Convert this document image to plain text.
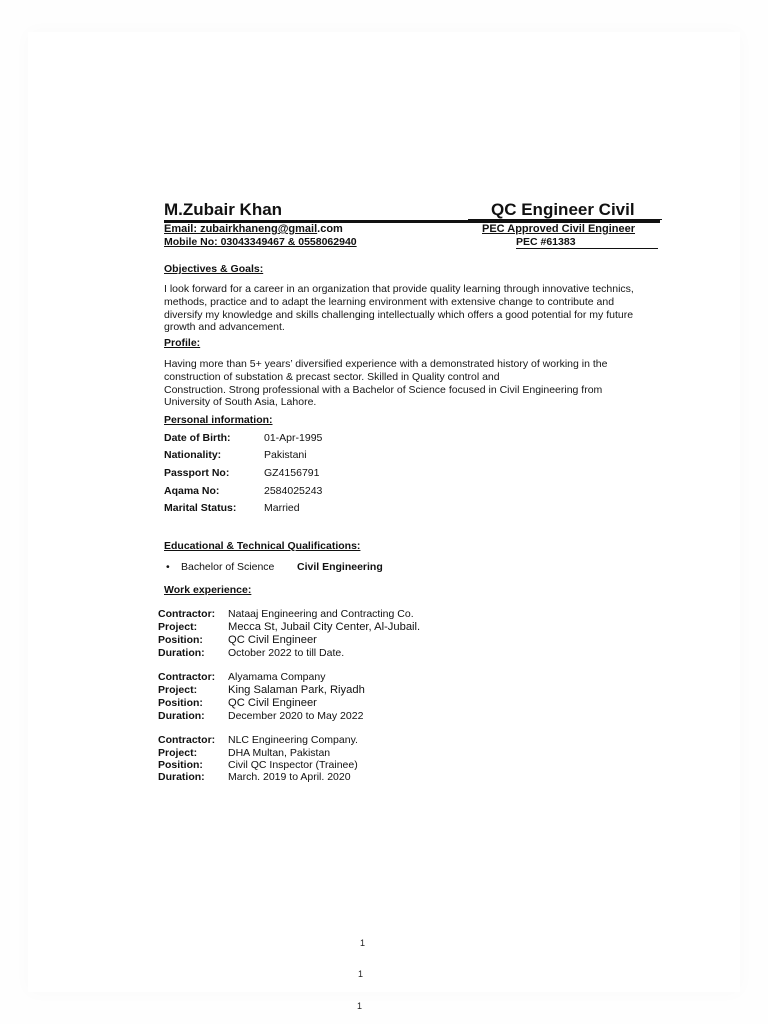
M.Zubair Khan	QC Engineer Civil
Email: zubairkhaneng@gmail.com
Mobile No: 03043349467 & 0558062940
PEC Approved Civil Engineer
PEC #61383
Objectives & Goals:
I look forward for a career in an organization that provide quality learning through innovative technics,
methods, practice and to adapt the learning environment with extensive change to contribute and
diversify my knowledge and skills challenging intellectually which offers a good potential for my future
growth and advancement.
Profile:
Having more than 5+ years’ diversified experience with a demonstrated history of working in the
construction of substation & precast sector. Skilled in Quality control and
Construction. Strong professional with a Bachelor of Science focused in Civil Engineering from
University of South Asia, Lahore.
Personal information:
Date of Birth:	01-Apr-1995
Nationality:	Pakistani
Passport No:	GZ4156791
Aqama No:	2584025243
Marital Status:	Married
Educational & Technical Qualifications:
• Bachelor of Science Civil Engineering
Work experience:
Contractor: Nataaj Engineering and Contracting Co.
Project:	Mecca St, Jubail City Center, Al-Jubail.
Position: QC Civil Engineer
Duration: October 2022 to till Date.
Contractor: Alyamama Company
Project:	King Salaman Park, Riyadh
Position: QC Civil Engineer
Duration: December 2020 to May 2022
Contractor: NLC Engineering Company.
Project:	DHA Multan, Pakistan
Position: Civil QC Inspector (Trainee)
Duration: March. 2019 to April. 2020
1
1
1
